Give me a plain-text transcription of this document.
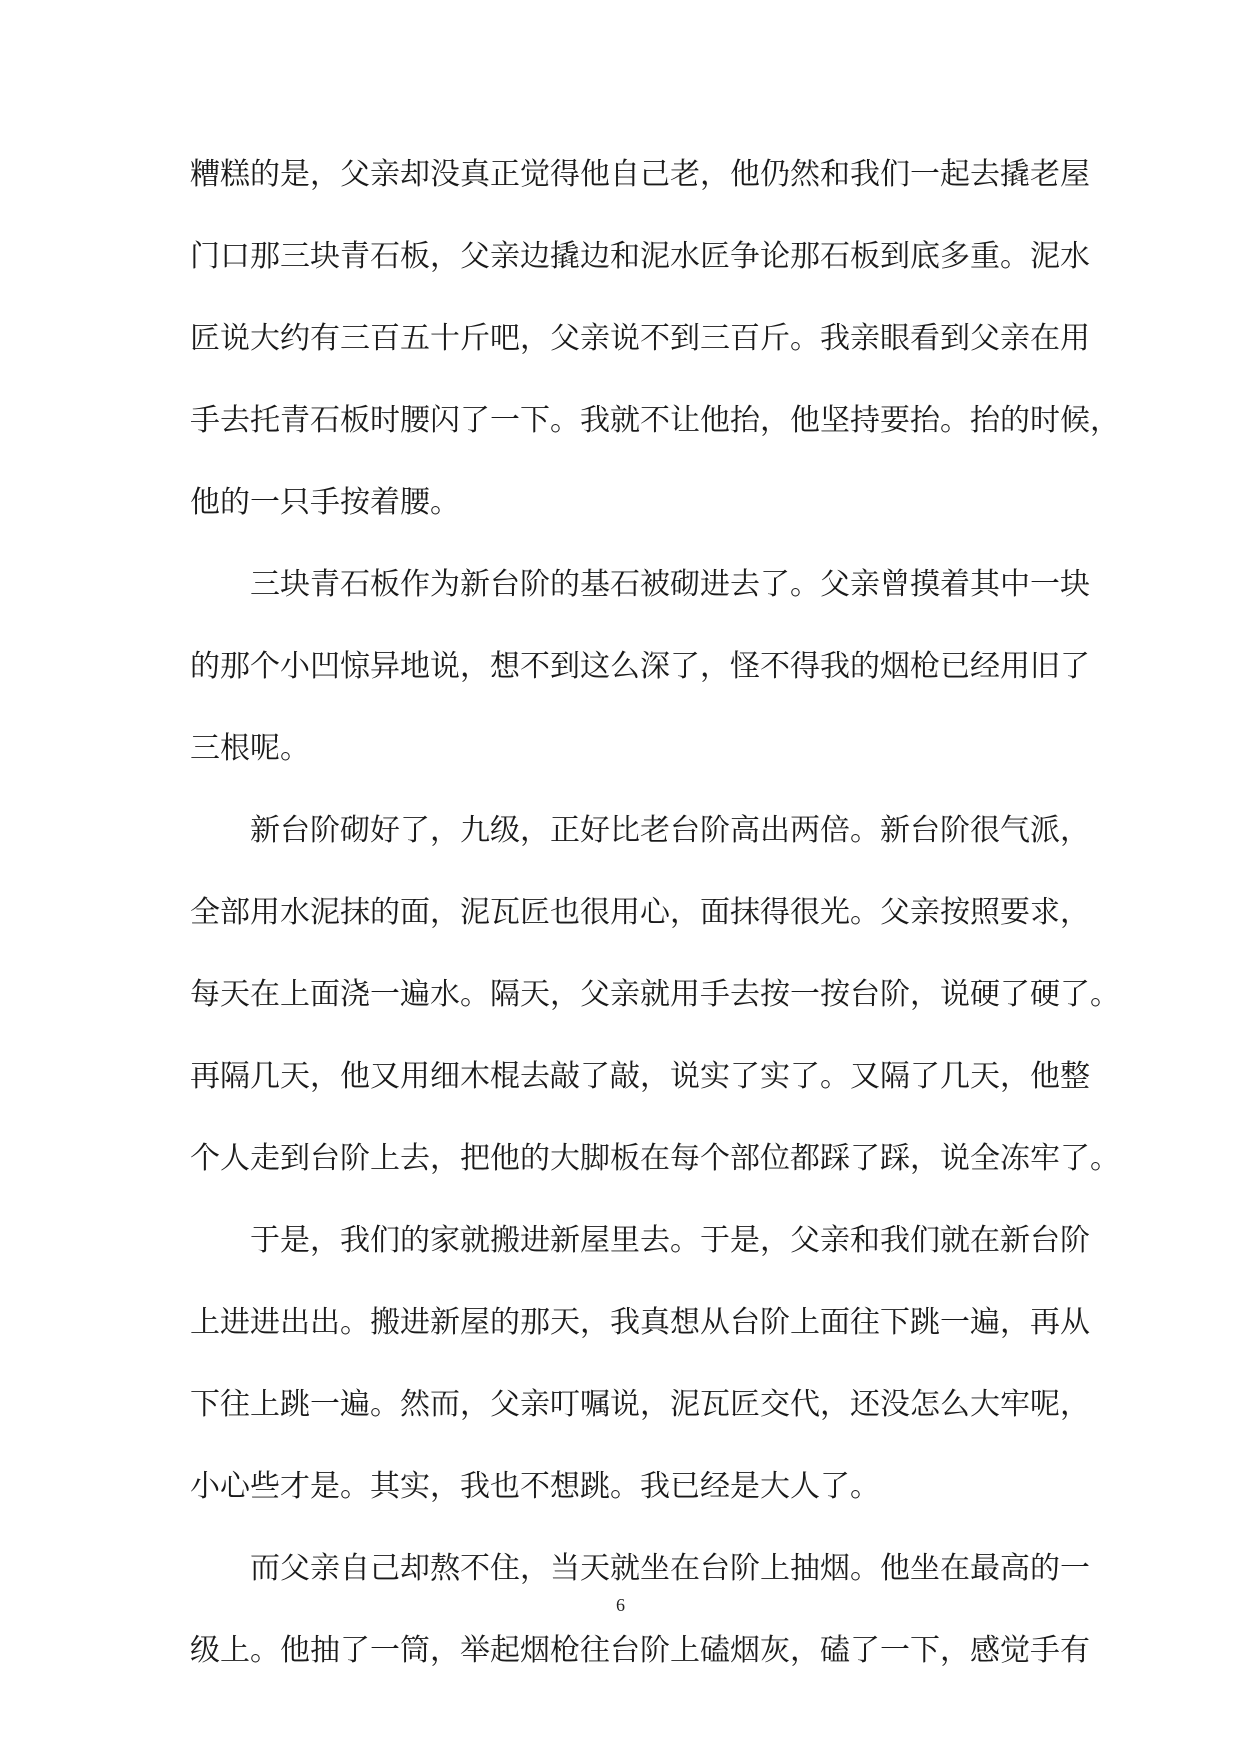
糟糕的是，父亲却没真正觉得他自己老，他仍然和我们一起去撬老屋
门口那三块青石板，父亲边撬边和泥水匠争论那石板到底多重。泥水
匠说大约有三百五十斤吧，父亲说不到三百斤。我亲眼看到父亲在用
手去托青石板时腰闪了一下。我就不让他抬，他坚持要抬。抬的时候，
他的一只手按着腰。
三块青石板作为新台阶的基石被砌进去了。父亲曾摸着其中一块
的那个小凹惊异地说，想不到这么深了，怪不得我的烟枪已经用旧了
三根呢。
新台阶砌好了，九级，正好比老台阶高出两倍。新台阶很气派，
全部用水泥抹的面，泥瓦匠也很用心，面抹得很光。父亲按照要求，
每天在上面浇一遍水。隔天，父亲就用手去按一按台阶，说硬了硬了。
再隔几天，他又用细木棍去敲了敲，说实了实了。又隔了几天，他整
个人走到台阶上去，把他的大脚板在每个部位都踩了踩，说全冻牢了。
于是，我们的家就搬进新屋里去。于是，父亲和我们就在新台阶
上进进出出。搬进新屋的那天，我真想从台阶上面往下跳一遍，再从
下往上跳一遍。然而，父亲叮嘱说，泥瓦匠交代，还没怎么大牢呢，
小心些才是。其实，我也不想跳。我已经是大人了。
而父亲自己却熬不住，当天就坐在台阶上抽烟。他坐在最高的一
级上。他抽了一筒，举起烟枪往台阶上磕烟灰，磕了一下，感觉手有
6
